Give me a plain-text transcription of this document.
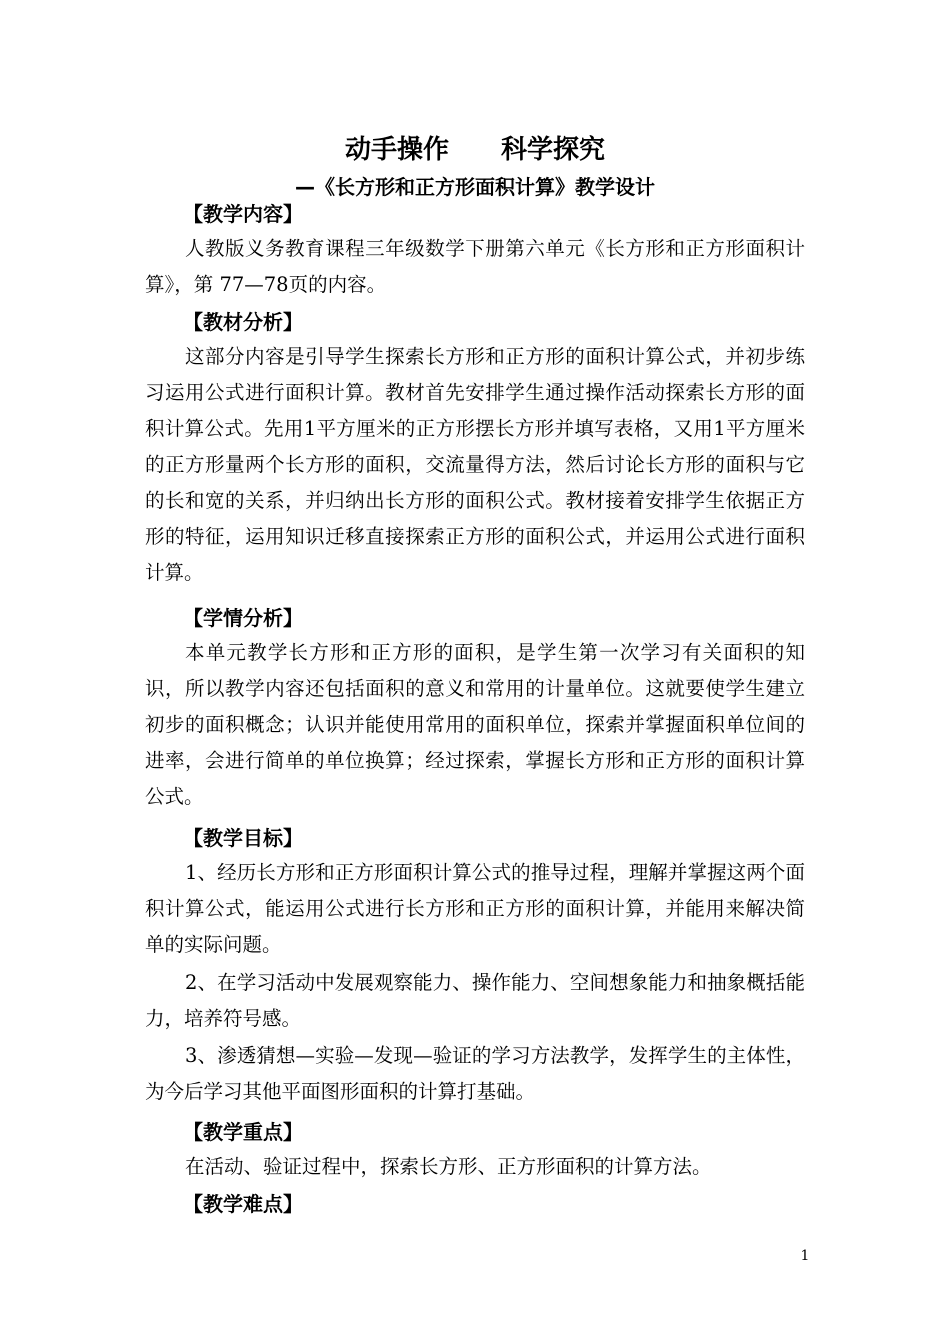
动手操作　　科学探究
—《长方形和正方形面积计算》教学设计
【教学内容】

人教版义务教育课程三年级数学下册第六单元《长方形和正方形面积计算》，第 77—78页的内容。

【教材分析】

这部分内容是引导学生探索长方形和正方形的面积计算公式，并初步练习运用公式进行面积计算。教材首先安排学生通过操作活动探索长方形的面积计算公式。先用1平方厘米的正方形摆长方形并填写表格，又用1平方厘米的正方形量两个长方形的面积，交流量得方法，然后讨论长方形的面积与它的长和宽的关系，并归纳出长方形的面积公式。教材接着安排学生依据正方形的特征，运用知识迁移直接探索正方形的面积公式，并运用公式进行面积计算。

【学情分析】

本单元教学长方形和正方形的面积，是学生第一次学习有关面积的知识，所以教学内容还包括面积的意义和常用的计量单位。这就要使学生建立初步的面积概念；认识并能使用常用的面积单位，探索并掌握面积单位间的进率，会进行简单的单位换算；经过探索，掌握长方形和正方形的面积计算公式。

【教学目标】

1、经历长方形和正方形面积计算公式的推导过程，理解并掌握这两个面积计算公式，能运用公式进行长方形和正方形的面积计算，并能用来解决简单的实际问题。

2、在学习活动中发展观察能力、操作能力、空间想象能力和抽象概括能力，培养符号感。

3、渗透猜想—实验—发现—验证的学习方法教学，发挥学生的主体性，为今后学习其他平面图形面积的计算打基础。

【教学重点】

在活动、验证过程中，探索长方形、正方形面积的计算方法。

【教学难点】
1
